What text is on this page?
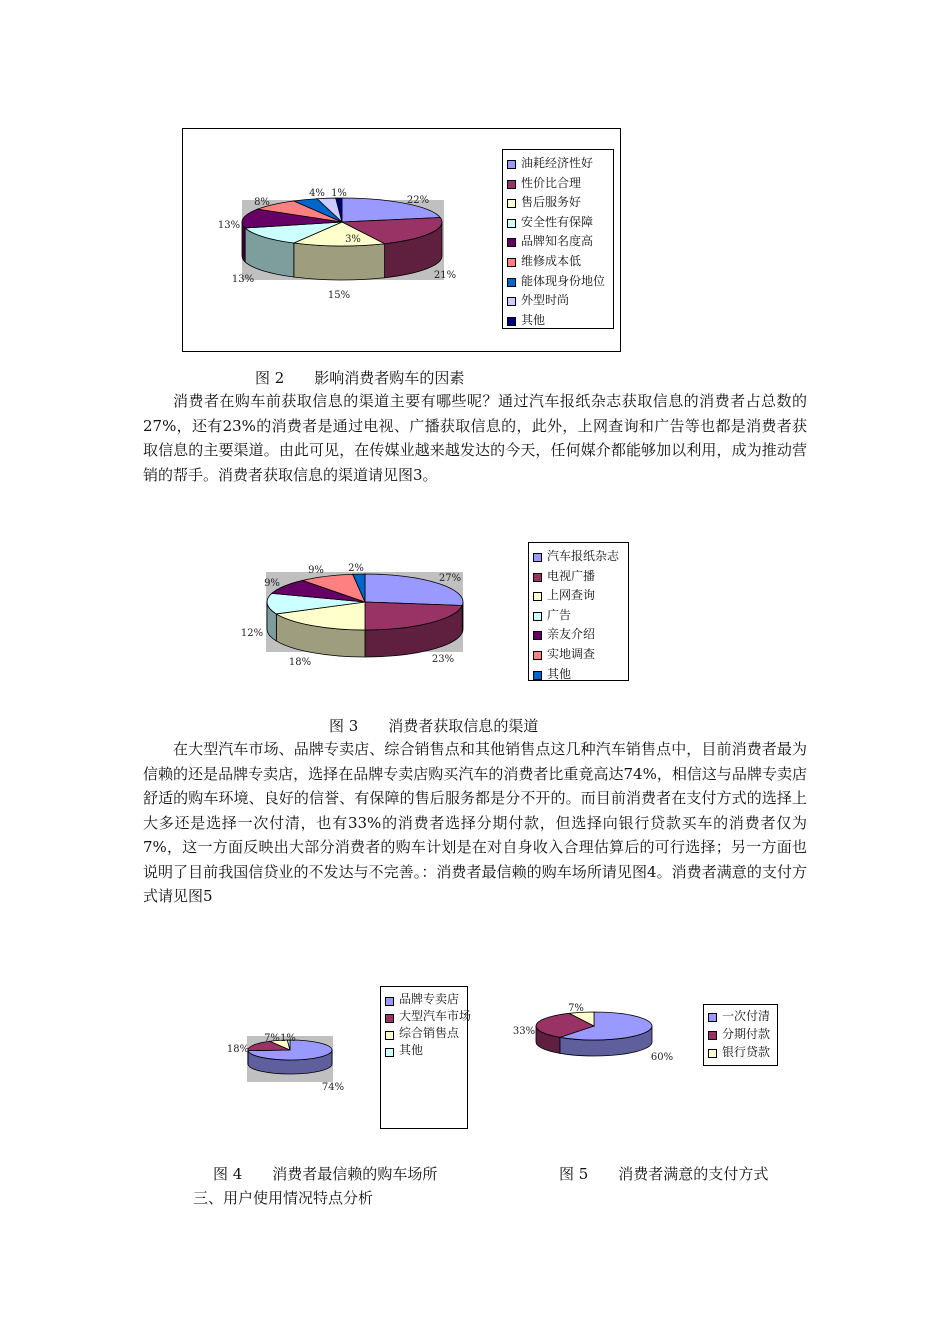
22%
21%
15%
13%
13%
8%
4%
3%
1%
油耗经济性好
性价比合理
售后服务好
安全性有保障
品牌知名度高
维修成本低
能体现身份地位
外型时尚
其他
图 2　　影响消费者购车的因素
消费者在购车前获取信息的渠道主要有哪些呢？通过汽车报纸杂志获取信息的消费者占总数的27%，还有23%的消费者是通过电视、广播获取信息的，此外，上网查询和广告等也都是消费者获取信息的主要渠道。由此可见，在传媒业越来越发达的今天，任何媒介都能够加以利用，成为推动营销的帮手。消费者获取信息的渠道请见图3。
27%
23%
18%
12%
9%
9% 2%
汽车报纸杂志
电视广播
上网查询
广告
亲友介绍
实地调查
其他
图 3　　消费者获取信息的渠道
在大型汽车市场、品牌专卖店、综合销售点和其他销售点这几种汽车销售点中，目前消费者最为信赖的还是品牌专卖店，选择在品牌专卖店购买汽车的消费者比重竟高达74%，相信这与品牌专卖店舒适的购车环境、良好的信誉、有保障的售后服务都是分不开的。而目前消费者在支付方式的选择上大多还是选择一次付清，也有33%的消费者选择分期付款，但选择向银行贷款买车的消费者仅为 7%，这一方面反映出大部分消费者的购车计划是在对自身收入合理估算后的可行选择；另一方面也说明了目前我国信贷业的不发达与不完善。：消费者最信赖的购车场所请见图4。消费者满意的支付方式请见图5
74%
18%
7% 1%
品牌专卖店
大型汽车市场
综合销售点
其他
图 4　　消费者最信赖的购车场所
60%
33%
7%
一次付清
分期付款
银行贷款
图 5　　消费者满意的支付方式
三、用户使用情况特点分析
